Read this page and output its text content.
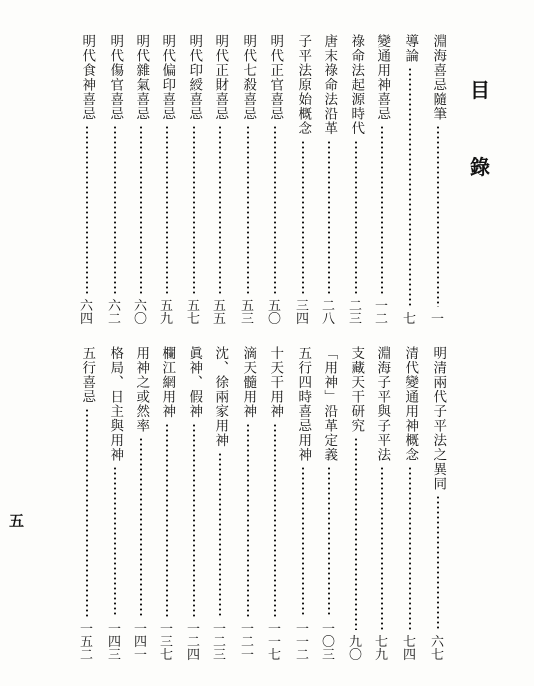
目
錄
淵海喜忌隨筆
一
導論
七
變通用神喜忌
一
二
祿命法起源時代
二
三
唐末祿命法沿革
二
八
子平法原始概念
三
四
明代正官喜忌
五
〇
明代七殺喜忌
五
三
明代正財喜忌
五
五
明代印綬喜忌
五
七
明代偏印喜忌
五
九
明代雜氣喜忌
六
〇
明代傷官喜忌
六
二
明代食神喜忌
六
四
明清兩代子平法之異同
六
七
清代變通用神概念
七
四
淵海子平與子平法
七
九
支藏天干研究
九
〇
「用神」沿革定義
一
〇
三
五行四時喜忌用神
一
一
二
十天干用神
一
一
七
滴天髓用神
一
二
一
沈、徐兩家用神
一
二
三
眞神、假神
一
二
四
欄江網用神
一
三
七
用神之或然率
一
四
一
格局、日主與用神
一
四
三
五行喜忌
一
五
二
五
